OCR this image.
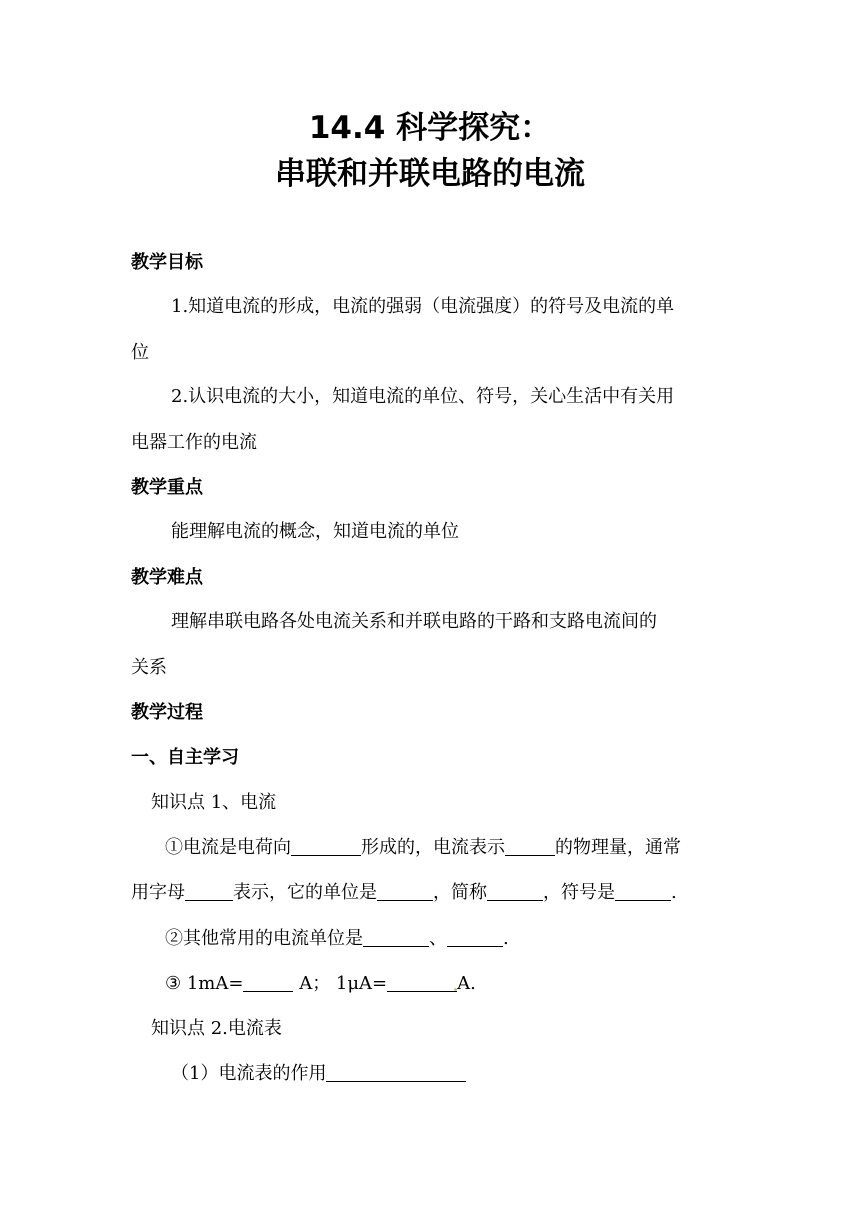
14.4 科学探究：
串联和并联电路的电流
教学目标
1.知道电流的形成，电流的强弱（电流强度）的符号及电流的单
位
2.认识电流的大小，知道电流的单位、符号，关心生活中有关用
电器工作的电流
教学重点
能理解电流的概念，知道电流的单位
教学难点
理解串联电路各处电流关系和并联电路的干路和支路电流间的
关系
教学过程
一、自主学习
知识点 1、电流
①电流是电荷向	形成的，电流表示	的物理量，通常
用字母	表示，它的单位是	，简称	，符号是	.
②其他常用的电流单位是	、	.
③ 1mA=	A； 1μA=	A.
知识点 2.电流表
（1）电流表的作用
